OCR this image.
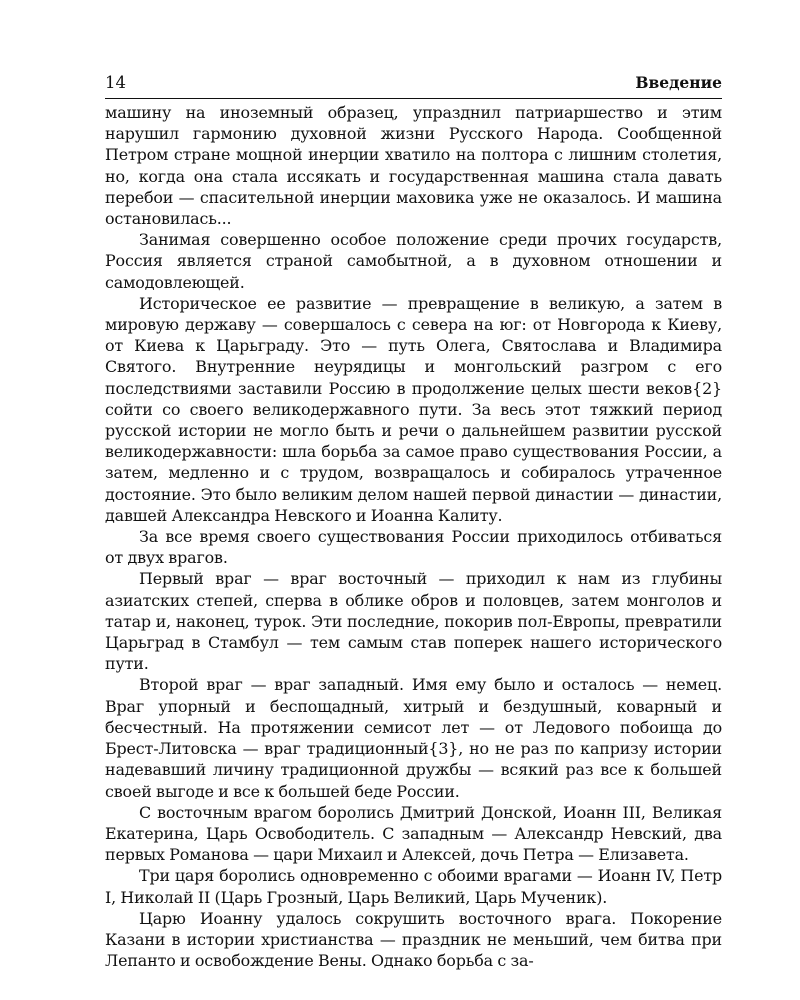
14	Введение

машину на иноземный образец, упразднил патриаршество и этим нарушил гармонию духовной жизни Русского Народа. Сообщенной Петром стране мощной инерции хватило на полтора с лишним столетия, но, когда она стала иссякать и государственная машина стала давать перебои — спасительной инерции маховика уже не оказалось. И машина остановилась...

Занимая совершенно особое положение среди прочих государств, Россия является страной самобытной, а в духовном отношении и самодовлеющей.

Историческое ее развитие — превращение в великую, а затем в мировую державу — совершалось с севера на юг: от Новгорода к Киеву, от Киева к Царьграду. Это — путь Олега, Святослава и Владимира Святого. Внутренние неурядицы и монгольский разгром с его последствиями заставили Россию в продолжение целых шести веков{2} сойти со своего великодержавного пути. За весь этот тяжкий период русской истории не могло быть и речи о дальнейшем развитии русской великодержавности: шла борьба за самое право существования России, а затем, медленно и с трудом, возвращалось и собиралось утраченное достояние. Это было великим делом нашей первой династии — династии, давшей Александра Невского и Иоанна Калиту.

За все время своего существования России приходилось отбиваться от двух врагов.

Первый враг — враг восточный — приходил к нам из глубины азиатских степей, сперва в облике обров и половцев, затем монголов и татар и, наконец, турок. Эти последние, покорив пол-Европы, превратили Царьград в Стамбул — тем самым став поперек нашего исторического пути.

Второй враг — враг западный. Имя ему было и осталось — немец. Враг упорный и беспощадный, хитрый и бездушный, коварный и бесчестный. На протяжении семисот лет — от Ледового побоища до Брест-Литовска — враг традиционный{3}, но не раз по капризу истории надевавший личину традиционной дружбы — всякий раз все к большей своей выгоде и все к большей беде России.

С восточным врагом боролись Дмитрий Донской, Иоанн III, Великая Екатерина, Царь Освободитель. С западным — Александр Невский, два первых Романова — цари Михаил и Алексей, дочь Петра — Елизавета.

Три царя боролись одновременно с обоими врагами — Иоанн IV, Петр I, Николай II (Царь Грозный, Царь Великий, Царь Мученик).

Царю Иоанну удалось сокрушить восточного врага. Покорение Казани в истории христианства — праздник не меньший, чем битва при Лепанто и освобождение Вены. Однако борьба с за-
